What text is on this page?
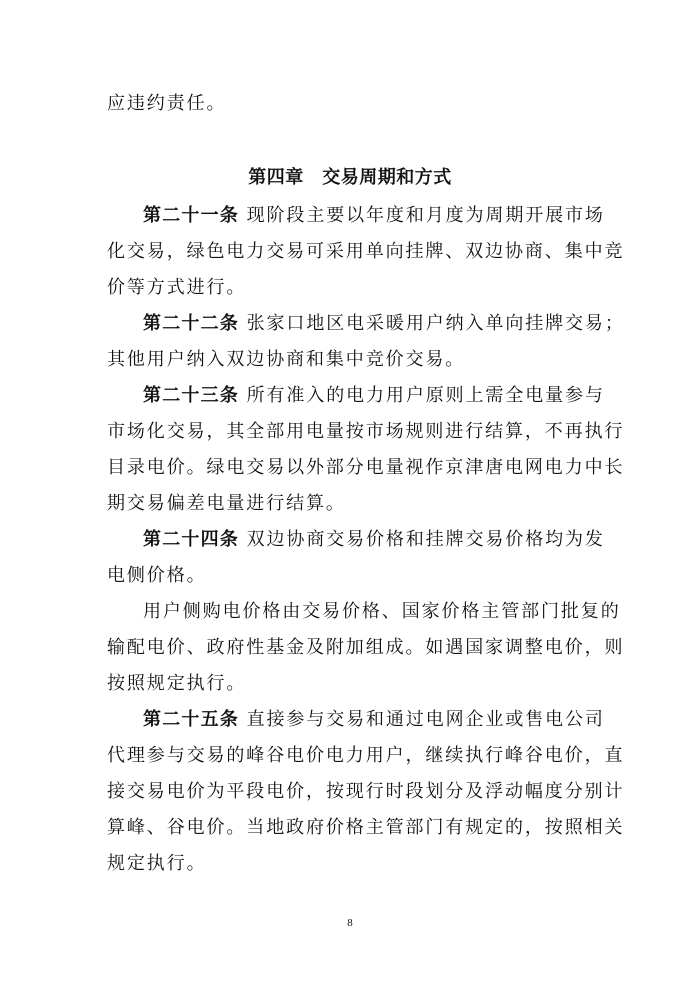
应违约责任。
第四章　交易周期和方式
第二十一条 现阶段主要以年度和月度为周期开展市场
化交易，绿色电力交易可采用单向挂牌、双边协商、集中竞
价等方式进行。
第二十二条 张家口地区电采暖用户纳入单向挂牌交易；
其他用户纳入双边协商和集中竞价交易。
第二十三条 所有准入的电力用户原则上需全电量参与
市场化交易，其全部用电量按市场规则进行结算，不再执行
目录电价。绿电交易以外部分电量视作京津唐电网电力中长
期交易偏差电量进行结算。
第二十四条 双边协商交易价格和挂牌交易价格均为发
电侧价格。
用户侧购电价格由交易价格、国家价格主管部门批复的
输配电价、政府性基金及附加组成。如遇国家调整电价，则
按照规定执行。
第二十五条 直接参与交易和通过电网企业或售电公司
代理参与交易的峰谷电价电力用户，继续执行峰谷电价，直
接交易电价为平段电价，按现行时段划分及浮动幅度分别计
算峰、谷电价。当地政府价格主管部门有规定的，按照相关
规定执行。
8
